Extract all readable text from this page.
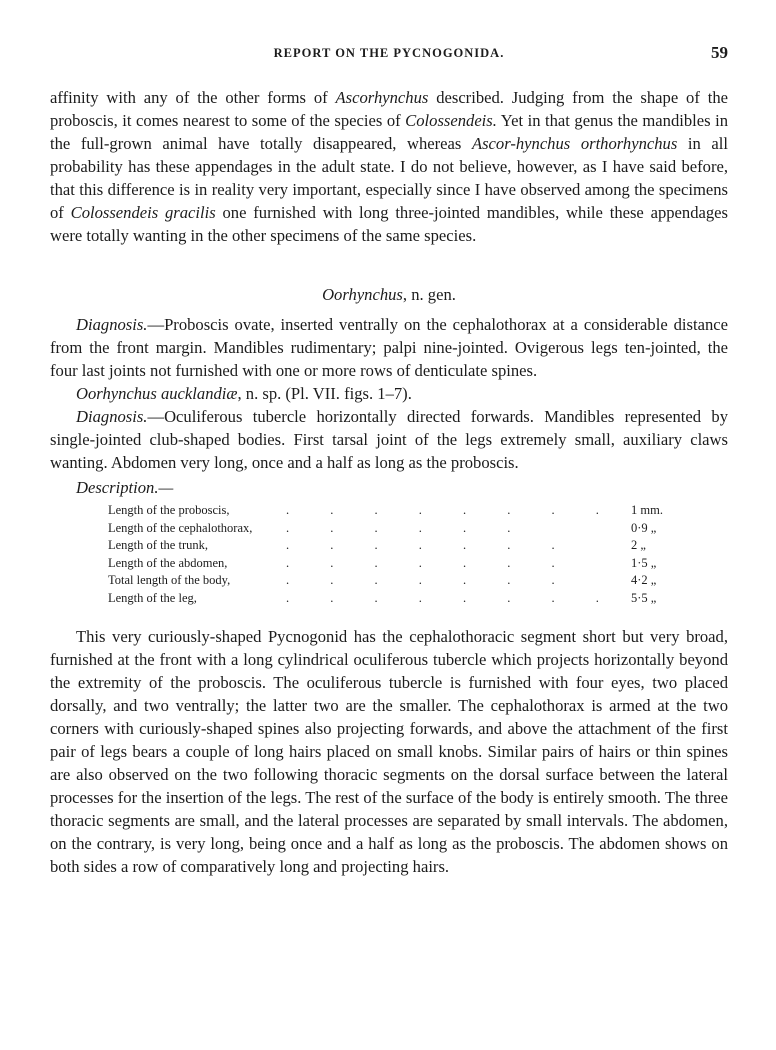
REPORT ON THE PYCNOGONIDA.	59

affinity with any of the other forms of Ascorhynchus described. Judging from the shape of the proboscis, it comes nearest to some of the species of Colossendeis. Yet in that genus the mandibles in the full-grown animal have totally disappeared, whereas Ascor-hynchus orthorhynchus in all probability has these appendages in the adult state. I do not believe, however, as I have said before, that this difference is in reality very important, especially since I have observed among the specimens of Colossendeis gracilis one furnished with long three-jointed mandibles, while these appendages were totally wanting in the other specimens of the same species.

Oorhynchus, n. gen.

Diagnosis.—Proboscis ovate, inserted ventrally on the cephalothorax at a considerable distance from the front margin. Mandibles rudimentary; palpi nine-jointed. Ovigerous legs ten-jointed, the four last joints not furnished with one or more rows of denticulate spines.

Oorhynchus aucklandiæ, n. sp. (Pl. VII. figs. 1–7).

Diagnosis.—Oculiferous tubercle horizontally directed forwards. Mandibles represented by single-jointed club-shaped bodies. First tarsal joint of the legs extremely small, auxiliary claws wanting. Abdomen very long, once and a half as long as the proboscis.

Description.—
Length of the proboscis,	. . . . . . . .	1 mm.
Length of the cephalothorax,	. . . . . .	0·9 „
Length of the trunk,	. . . . . . .	2 „
Length of the abdomen,	. . . . . . .	1·5 „
Total length of the body,	. . . . . . .	4·2 „
Length of the leg,	. . . . . . . .	5·5 „

This very curiously-shaped Pycnogonid has the cephalothoracic segment short but very broad, furnished at the front with a long cylindrical oculiferous tubercle which projects horizontally beyond the extremity of the proboscis. The oculiferous tubercle is furnished with four eyes, two placed dorsally, and two ventrally; the latter two are the smaller. The cephalothorax is armed at the two corners with curiously-shaped spines also projecting forwards, and above the attachment of the first pair of legs bears a couple of long hairs placed on small knobs. Similar pairs of hairs or thin spines are also observed on the two following thoracic segments on the dorsal surface between the lateral processes for the insertion of the legs. The rest of the surface of the body is entirely smooth. The three thoracic segments are small, and the lateral processes are separated by small intervals. The abdomen, on the contrary, is very long, being once and a half as long as the proboscis. The abdomen shows on both sides a row of comparatively long and projecting hairs.
